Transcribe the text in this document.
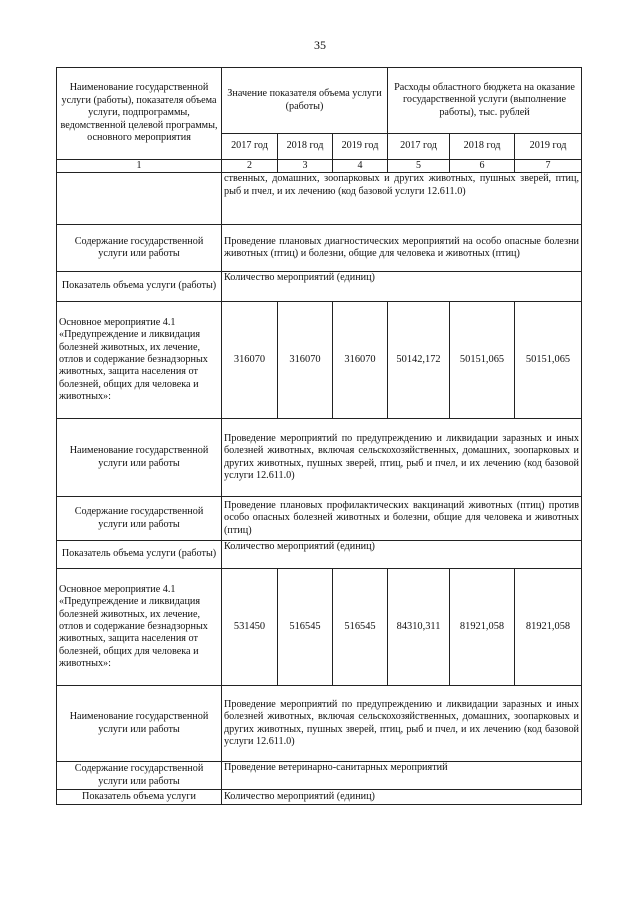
35
Наименование государственной услуги (работы), показателя объема услуги, подпрограммы, ведомственной целевой программы, основного мероприятия	Значение показателя объема услуги (работы)			Расходы областного бюджета на оказание государственной услуги (выполнение работы), тыс. рублей		
	2017 год	2018 год	2019 год	2017 год	2018 год	2019 год
1	2	3	4	5	6	7
	ственных, домашних, зоопарковых и других животных, пушных зверей, птиц, рыб и пчел, и их лечению (код базовой услуги 12.611.0)					
Содержание государственной услуги или работы	Проведение плановых диагностических мероприятий на особо опасные болезни животных (птиц) и болезни, общие для человека и животных (птиц)					
Показатель объема услуги (работы)	Количество мероприятий (единиц)					
Основное мероприятие 4.1 «Предупреждение и ликвидация болезней животных, их лечение, отлов и содержание безнадзорных животных, защита населения от болезней, общих для человека и животных»:	316070	316070	316070	50142,172	50151,065	50151,065
Наименование государственной услуги или работы	Проведение мероприятий по предупреждению и ликвидации заразных и иных болезней животных, включая сельскохозяйственных, домашних, зоопарковых и других животных, пушных зверей, птиц, рыб и пчел, и их лечению (код базовой услуги 12.611.0)					
Содержание государственной услуги или работы	Проведение плановых профилактических вакцинаций животных (птиц) против особо опасных болезней животных и болезни, общие для человека и животных (птиц)					
Показатель объема услуги (работы)	Количество мероприятий (единиц)					
Основное мероприятие 4.1 «Предупреждение и ликвидация болезней животных, их лечение, отлов и содержание безнадзорных животных, защита населения от болезней, общих для человека и животных»:	531450	516545	516545	84310,311	81921,058	81921,058
Наименование государственной услуги или работы	Проведение мероприятий по предупреждению и ликвидации заразных и иных болезней животных, включая сельскохозяйственных, домашних, зоопарковых и других животных, пушных зверей, птиц, рыб и пчел, и их лечению (код базовой услуги 12.611.0)					
Содержание государственной услуги или работы	Проведение ветеринарно-санитарных мероприятий					
Показатель объема услуги	Количество мероприятий (единиц)					
